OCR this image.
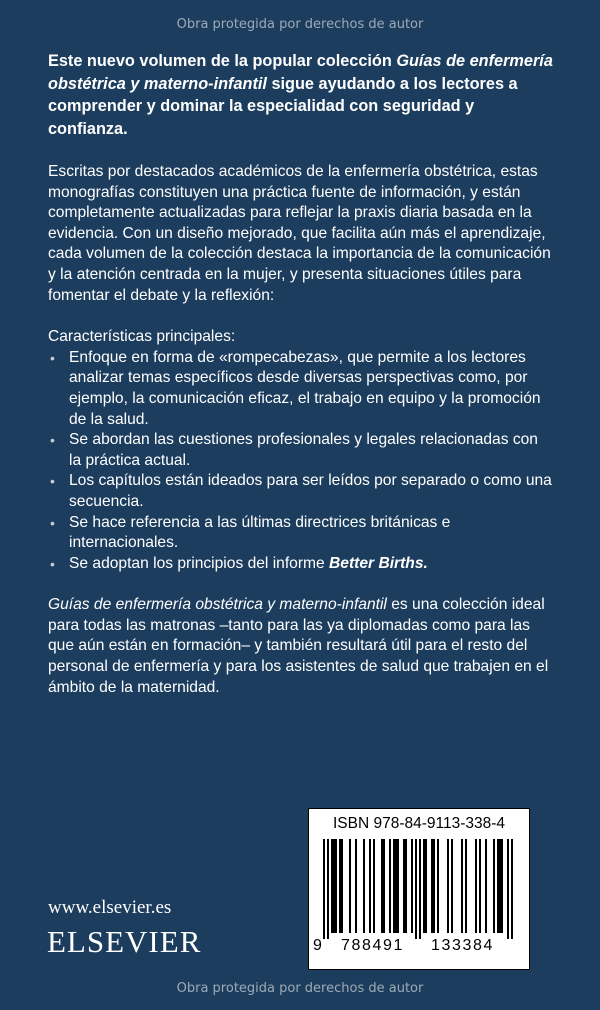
Obra protegida por derechos de autor

Este nuevo volumen de la popular colección Guías de enfermería obstétrica y materno-infantil sigue ayudando a los lectores a comprender y dominar la especialidad con seguridad y confianza.

Escritas por destacados académicos de la enfermería obstétrica, estas monografías constituyen una práctica fuente de información, y están completamente actualizadas para reflejar la praxis diaria basada en la evidencia. Con un diseño mejorado, que facilita aún más el aprendizaje, cada volumen de la colección destaca la importancia de la comunicación y la atención centrada en la mujer, y presenta situaciones útiles para fomentar el debate y la reflexión:

Características principales:

• Enfoque en forma de «rompecabezas», que permite a los lectores analizar temas específicos desde diversas perspectivas como, por ejemplo, la comunicación eficaz, el trabajo en equipo y la promoción de la salud.
• Se abordan las cuestiones profesionales y legales relacionadas con la práctica actual.
• Los capítulos están ideados para ser leídos por separado o como una secuencia.
• Se hace referencia a las últimas directrices británicas e internacionales.
• Se adoptan los principios del informe Better Births.

Guías de enfermería obstétrica y materno-infantil es una colección ideal para todas las matronas –tanto para las ya diplomadas como para las que aún están en formación– y también resultará útil para el resto del personal de enfermería y para los asistentes de salud que trabajen en el ámbito de la maternidad.

ISBN 978-84-9113-338-4
9 788491 133384
www.elsevier.es
ELSEVIER
Obra protegida por derechos de autor
